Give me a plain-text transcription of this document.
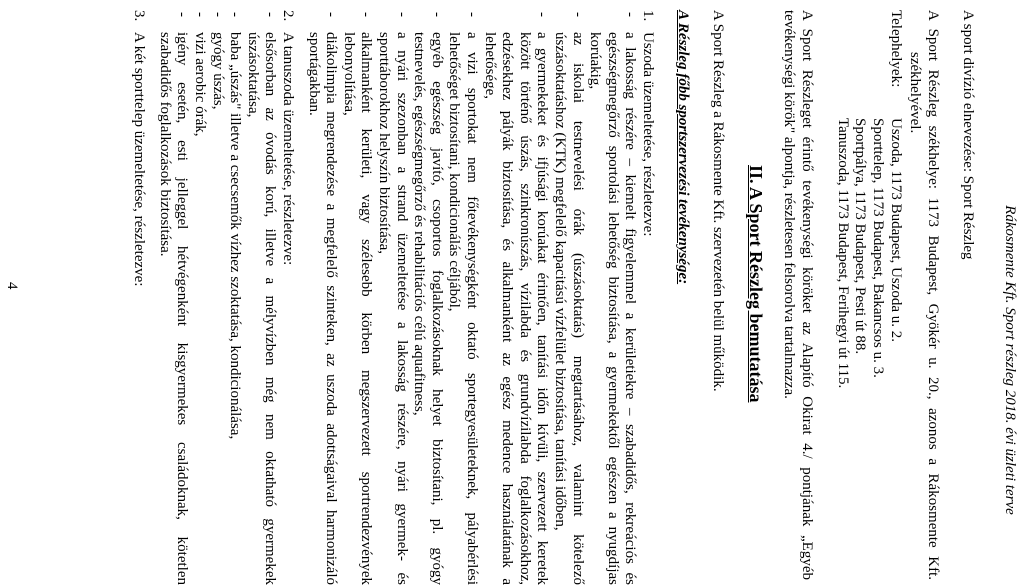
Rákosmente Kft. Sport részleg 2018. évi üzleti terve
A sport divízió elnevezése: Sport Részleg
A Sport Részleg székhelye: 1173 Budapest, Gyökér u. 20., azonos a Rákosmente Kft.
székhelyével.
Telephelyek:
Uszoda, 1173 Budapest, Uszoda u. 2.
Sporttelep, 1173 Budapest, Bakancsos u. 3.
Sportpálya, 1173 Budapest, Pesti út 88.
Tanuszoda, 1173 Budapest, Ferihegyi út 115.
A Sport Részleget érintő tevékenységi köröket az Alapító Okirat 4./ pontjának „Egyéb
tevékenységi körök" alpontja, részletesen felsorolva tartalmazza.
II. A Sport Részleg bemutatása
A Sport Részleg a Rákosmente Kft. szervezetén belül működik.
A Részleg főbb sportszervezési tevékenysége:
1.
Uszoda üzemeltetése, részletezve:
-
a lakosság részére – kiemelt figyelemmel a kerületiekre – szabadidős, rekreációs és
egészségmegőrző sportolási lehetőség biztosítása, a gyermekektől egészen a nyugdíjas
korúakig,
-
az iskolai testnevelési órák (úszásoktatás) megtartásához, valamint kötelező
úszásoktatáshoz (KTK) megfelelő kapacitású vízfelület biztosítása, tanítási időben,
-
a gyermekeket és ifjúsági korúakat érintően, tanítási időn kívüli, szervezett keretek
között történő úszás, szinkronúszás, vízilabda és grundvízilabda foglalkozásokhoz,
edzésekhez pályák biztosítása, és alkalmanként az egész medence használatának a
lehetősége,
-
a vizi sportokat nem főtevékenységként oktató sportegyesületeknek, pályabérlési
lehetőséget biztosítani, kondicionálás céljából,
-
egyéb egészség javító, csoportos foglalkozásoknak helyet biztosítani, pl. gyógy
testnevelés, egészségmegőrző és rehabilitációs célú aquafitness,
-
a nyári szezonban a strand üzemeltetése a lakosság részére, nyári gyermek- és
sporttáborokhoz helyszín biztosítása,
-
alkalmanként kerületi, vagy szélesebb körben megszervezett sportrendezvények
lebonyolítása,
-
diákolimpia megrendezése a megfelelő szinteken, az uszoda adottságaival harmonizáló
sportágakban.
2.
A tanuszoda üzemeltetése, részletezve:
-
elsősorban az óvodás korú, illetve a mélyvízben még nem oktatható gyermekek
úszásoktatása,
-
baba „úszás" illetve a csecsemők vízhez szoktatása, kondicionálása,
-
gyógy úszás,
-
vizi aerobic órák,
-
igény esetén, esti jelleggel hétvégenként kisgyermekes családoknak, kötetlen
szabadidős foglalkozások biztosítása.
3.
A két sporttelep üzemeltetése, részletezve:
4
